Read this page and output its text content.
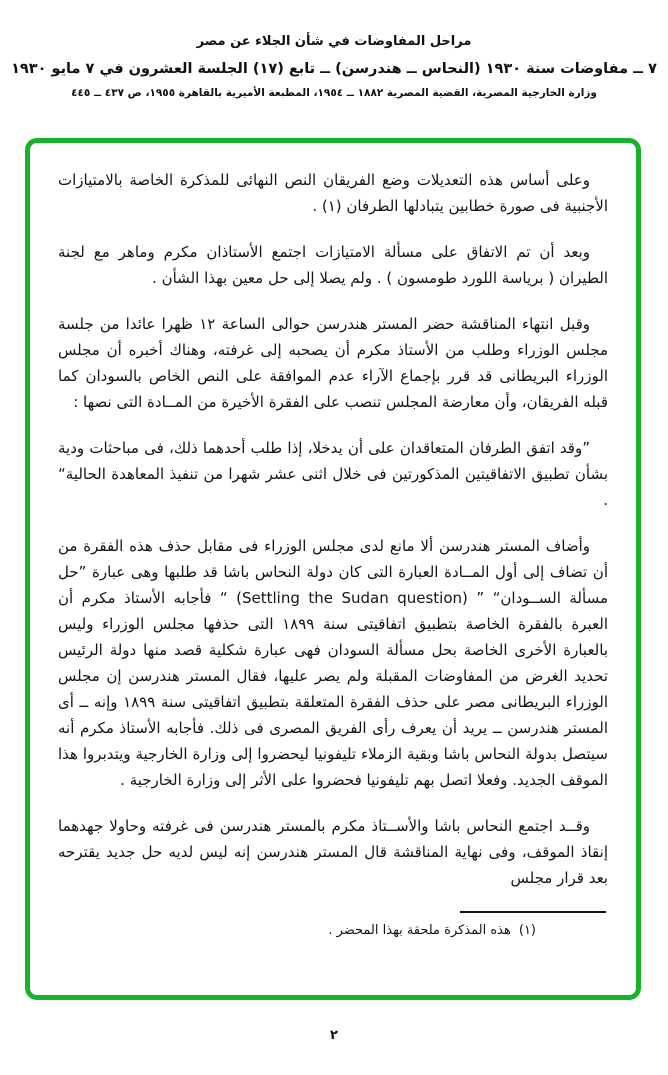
مراحل المفاوضات في شأن الجلاء عن مصر
٧ ــ مفاوضات سنة ١٩٣٠ (النحاس ــ هندرسن) ــ تابع (١٧) الجلسة العشرون في ٧ مايو ١٩٣٠
وزارة الخارجية المصرية، القضية المصرية ١٨٨٢ ــ ١٩٥٤، المطبعة الأميرية بالقاهرة ١٩٥٥، ص ٤٣٧ ــ ٤٤٥

وعلى أساس هذه التعديلات وضع الفريقان النص النهائى للمذكرة الخاصة بالامتيازات الأجنبية فى صورة خطابين يتبادلها الطرفان (١) .

وبعد أن تم الاتفاق على مسألة الامتيازات اجتمع الأستاذان مكرم وماهر مع لجنة الطيران ( برياسة اللورد طومسون ) . ولم يصلا إلى حل معين بهذا الشأن .

وقبل انتهاء المناقشة حضر المستر هندرسن حوالى الساعة ١٢ ظهرا عائدا من جلسة مجلس الوزراء وطلب من الأستاذ مكرم أن يصحبه إلى غرفته، وهناك أخبره أن مجلس الوزراء البريطانى قد قرر بإجماع الآراء عدم الموافقة على النص الخاص بالسودان كما قبله الفريقان، وأن معارضة المجلس تنصب على الفقرة الأخيرة من المــادة التى نصها :

”وقد اتفق الطرفان المتعاقدان على أن يدخلا، إذا طلب أحدهما ذلك، فى مباحثات ودية بشأن تطبيق الاتفاقيتين المذكورتين فى خلال اثنى عشر شهرا من تنفيذ المعاهدة الحالية“ .

وأضاف المستر هندرسن ألا مانع لدى مجلس الوزراء فى مقابل حذف هذه الفقرة من أن تضاف إلى أول المــادة العبارة التى كان دولة النحاس باشا قد طلبها وهى عبارة ”حل مسألة الســودان“ ” (Settling the Sudan question) “ فأجابه الأستاذ مكرم أن العبرة بالفقرة الخاصة بتطبيق اتفاقيتى سنة ١٨٩٩ التى حذفها مجلس الوزراء وليس بالعبارة الأخرى الخاصة بحل مسألة السودان فهى عبارة شكلية قصد منها دولة الرئيس تحديد الغرض من المفاوضات المقبلة ولم يصر عليها، فقال المستر هندرسن إن مجلس الوزراء البريطانى مصر على حذف الفقرة المتعلقة بتطبيق اتفاقيتى سنة ١٨٩٩ وإنه ــ أى المستر هندرسن ــ يريد أن يعرف رأى الفريق المصرى فى ذلك. فأجابه الأستاذ مكرم أنه سيتصل بدولة النحاس باشا وبقية الزملاء تليفونيا ليحضروا إلى وزارة الخارجية ويتدبروا هذا الموقف الجديد. وفعلا اتصل بهم تليفونيا فحضروا على الأثر إلى وزارة الخارجية .

وقــد اجتمع النحاس باشا والأســتاذ مكرم بالمستر هندرسن فى غرفته وحاولا جهدهما إنقاذ الموقف، وفى نهاية المناقشة قال المستر هندرسن إنه ليس لديه حل جديد يقترحه بعد قرار مجلس

(١)هذه المذكرة ملحقة بهذا المحضر .
٢
